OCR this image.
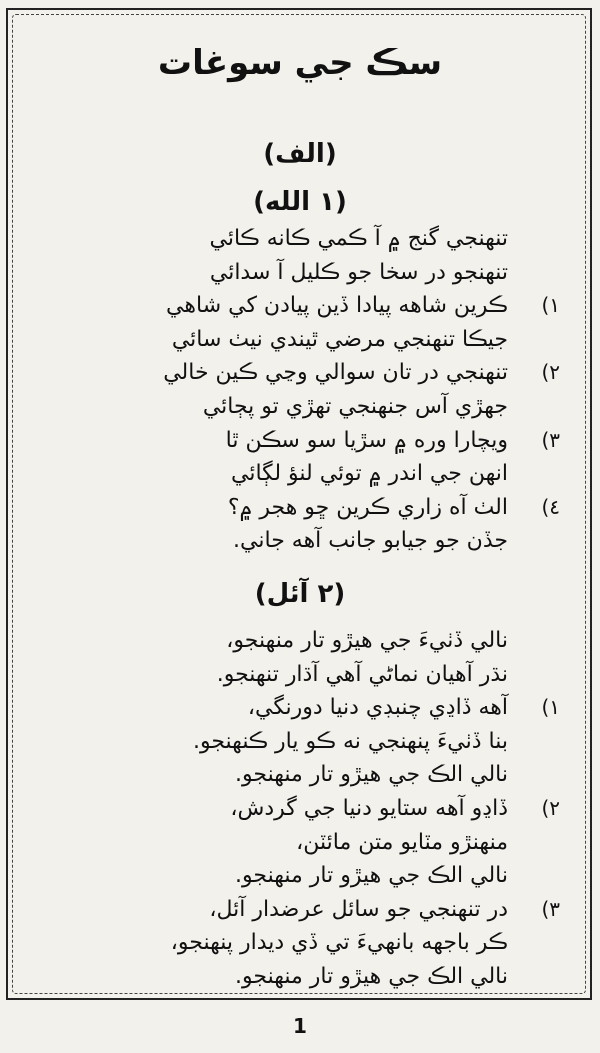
سڪ جي سوغات
(الف)
(١ الله)
تنهنجي گنج ۾ آ ڪمي ڪانه ڪائي
تنهنجو در سخا جو ڪليل آ سدائي
١)
ڪرين شاهه پيادا ڏين پيادن کي شاهي
جيڪا تنهنجي مرضي ٿيندي نيٺ سائي
٢)
تنهنجي در تان سوالي وڃي ڪين خالي
جهڙي آس جنهنجي تهڙي تو پڄائي
٣)
ويچارا وره ۾ سڙيا سو سڪن ٿا
انهن جي اندر ۾ توئي لنؤ لڳائي
٤)
الٺ آه زاري ڪرين ڇو هجر ۾؟
جڏن جو جيابو جانب آهه جاني.
(٢ آئل)
نالي ڏٺيءَ جي هيڙو تار منهنجو،
نڌر آهيان نماڻي آهي آڌار تنهنجو.
١)
آهه ڏاڍي چنبڊي دنيا دورنگي،
بنا ڏٺيءَ پنهنجي نه ڪو يار ڪنهنجو.
نالي الڪ جي هيڙو تار منهنجو.
٢)
ڏاڍو آهه ستايو دنيا جي گردش،
منهنڙو مٽايو متن مائٽن،
نالي الڪ جي هيڙو تار منهنجو.
٣)
در تنهنجي جو سائل عرضدار آئل،
ڪر باجهه بانهيءَ تي ڏي ديدار پنهنجو،
نالي الڪ جي هيڙو تار منهنجو.
1
